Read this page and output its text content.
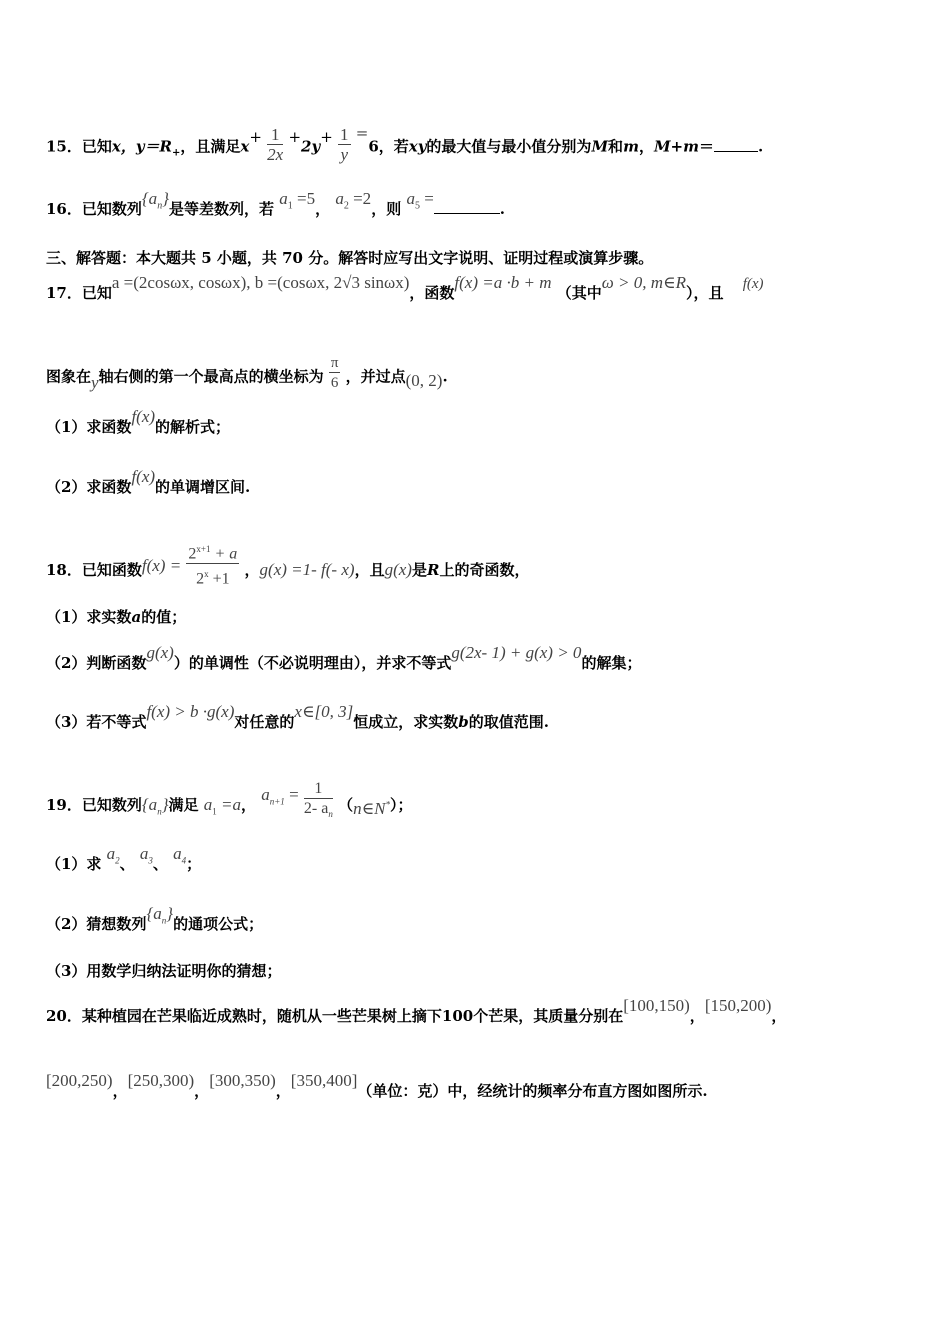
15．已知x，$y=R_+$，且满足$x+ \frac{1}{2x} +2y+ \frac{1}{y} =6$，若xy的最大值与最小值分别为M和m，M+m＝	.
16．已知数列$\{a_n\}$是等差数列，若 $a_1 =5$， $a_2 =2$，则 $a_5$ =.
三、解答题：本大题共 5 小题，共 70 分。解答时应写出文字说明、证明过程或演算步骤。
17．已知a =(2cosωx, cosωx), b =(cosωx, 2√3 sinωx)，函数f(x) =a ·b + m （其中ω > 0, m∈R），且 f(x)
图象在y轴右侧的第一个最高点的横坐标为 $\frac{\pi}{6}$ ，并过点(0, 2).
（1）求函数f(x)的解析式；
（2）求函数f(x)的单调增区间.
18．已知函数$f(x) = \frac{2^{x+1} + a}{2^x +1}$ ，g(x) =1- f(- x)，且g(x)是R上的奇函数，
（1）求实数a的值；
（2）判断函数g(x)）的单调性（不必说明理由），并求不等式g(2x- 1) + g(x) > 0的解集；
（3）若不等式f(x) > b ·g(x)对任意的x∈[0, 3]恒成立，求实数b的取值范围.
19．已知数列$\{a_n\}$满足 $a_1 =a$， $a_{n+1} = \frac{1}{2- a_n}$ （n∈N*）；
（1）求 $a_2$、 $a_3$、 $a_4$；
（2）猜想数列$\{a_n\}$的通项公式；
（3）用数学归纳法证明你的猜想；
20．某种植园在芒果临近成熟时，随机从一些芒果树上摘下100个芒果，其质量分别在[100,150)，[150,200)，
[200,250)，[250,300)，[300,350)，[350,400]（单位：克）中，经统计的频率分布直方图如图所示.
